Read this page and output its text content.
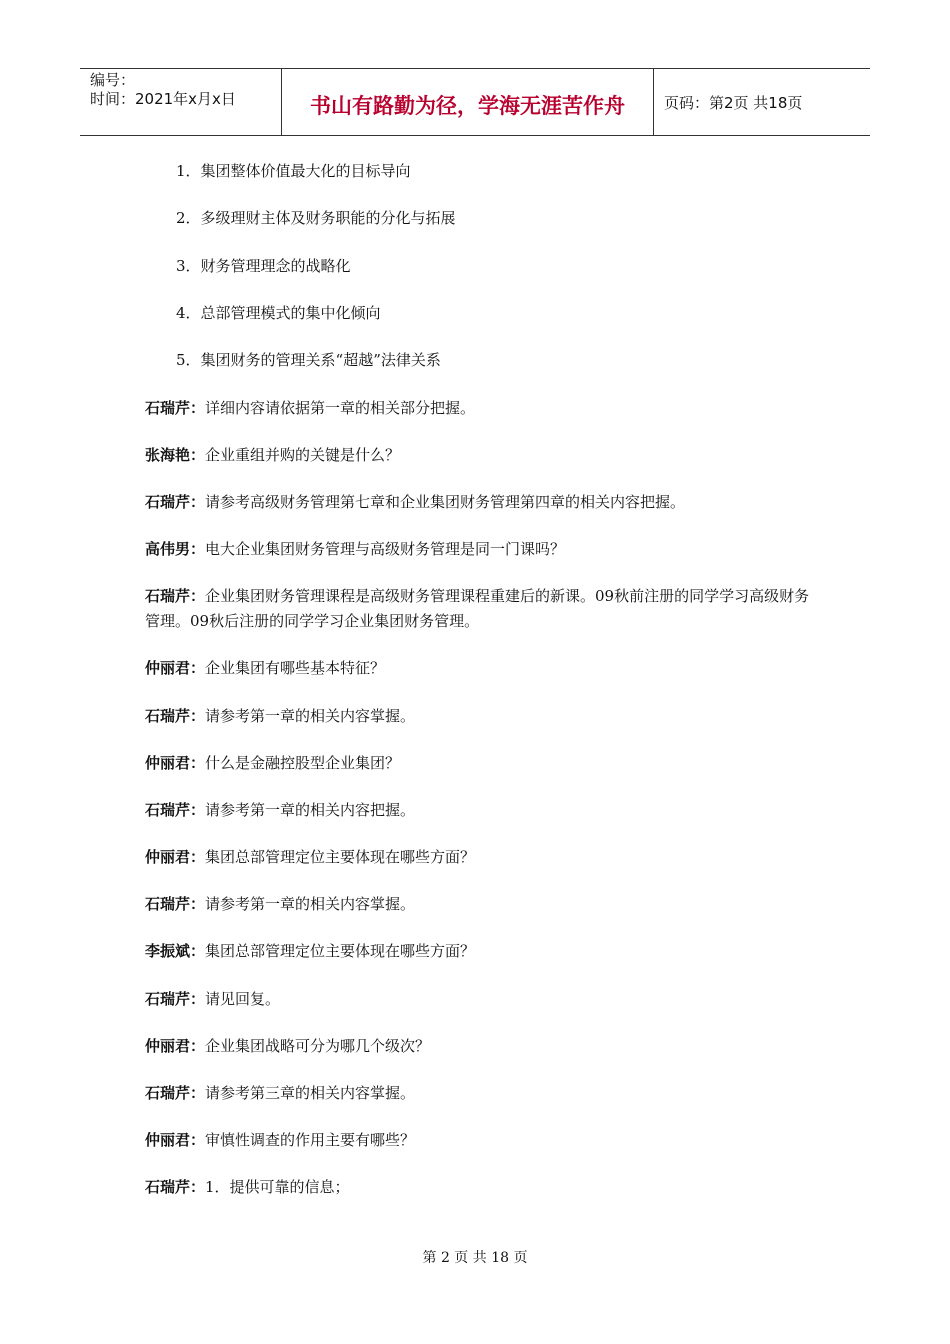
编号：
时间：2021年x月x日	书山有路勤为径，学海无涯苦作舟	页码：第2页 共18页
1．集团整体价值最大化的目标导向
2．多级理财主体及财务职能的分化与拓展
3．财务管理理念的战略化
4．总部管理模式的集中化倾向
5．集团财务的管理关系“超越”法律关系
石瑞芹：详细内容请依据第一章的相关部分把握。
张海艳：企业重组并购的关键是什么？
石瑞芹：请参考高级财务管理第七章和企业集团财务管理第四章的相关内容把握。
高伟男：电大企业集团财务管理与高级财务管理是同一门课吗？
石瑞芹：企业集团财务管理课程是高级财务管理课程重建后的新课。09秋前注册的同学学习高级财务管理。09秋后注册的同学学习企业集团财务管理。
仲丽君：企业集团有哪些基本特征？
石瑞芹：请参考第一章的相关内容掌握。
仲丽君：什么是金融控股型企业集团？
石瑞芹：请参考第一章的相关内容把握。
仲丽君：集团总部管理定位主要体现在哪些方面？
石瑞芹：请参考第一章的相关内容掌握。
李振斌：集团总部管理定位主要体现在哪些方面？
石瑞芹：请见回复。
仲丽君：企业集团战略可分为哪几个级次？
石瑞芹：请参考第三章的相关内容掌握。
仲丽君：审慎性调查的作用主要有哪些？
石瑞芹：1．提供可靠的信息；
第 2 页 共 18 页
